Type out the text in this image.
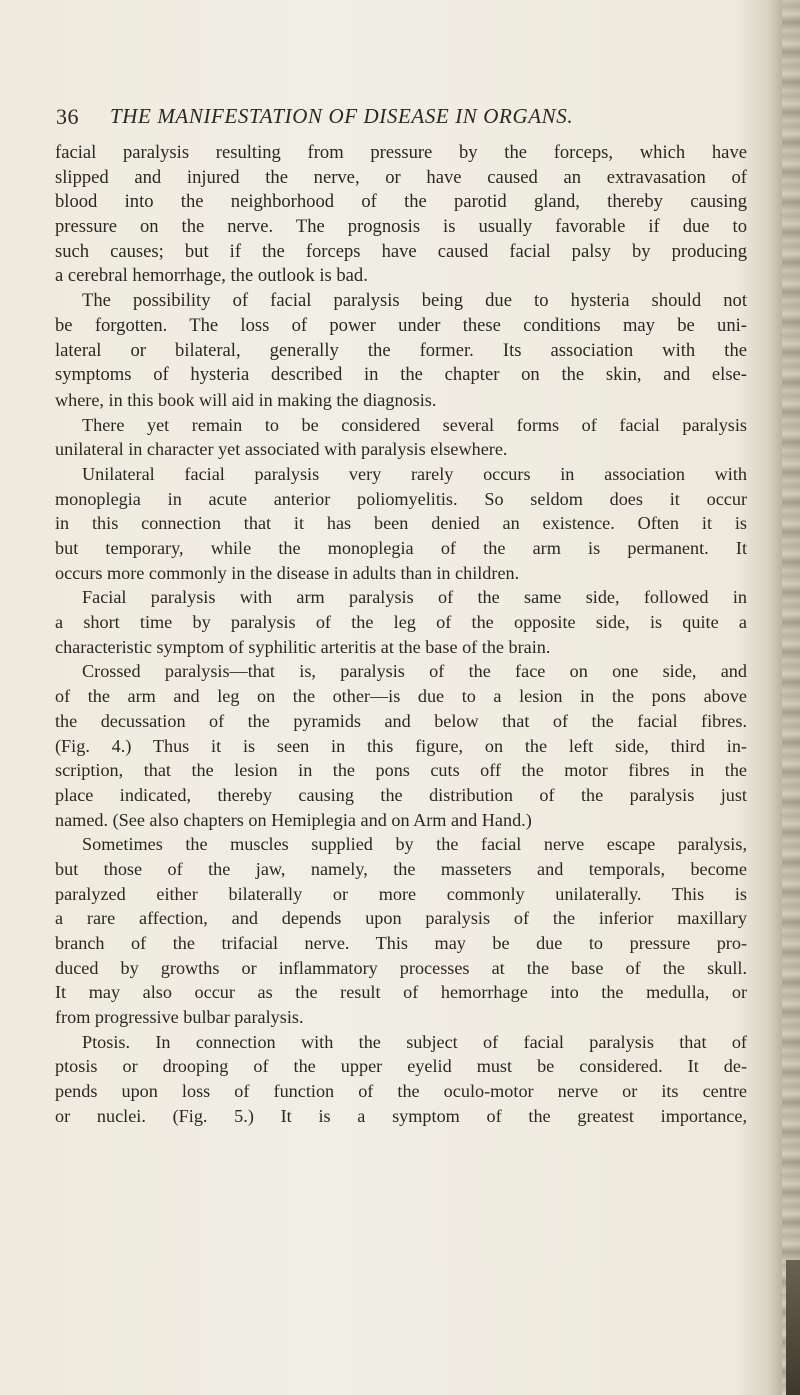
36 THE MANIFESTATION OF DISEASE IN ORGANS.
facial paralysis resulting from pressure by the forceps, which have
slipped and injured the nerve, or have caused an extravasation of
blood into the neighborhood of the parotid gland, thereby causing
pressure on the nerve. The prognosis is usually favorable if due to
such causes; but if the forceps have caused facial palsy by producing
a cerebral hemorrhage, the outlook is bad.
The possibility of facial paralysis being due to hysteria should not
be forgotten. The loss of power under these conditions may be uni-
lateral or bilateral, generally the former. Its association with the
symptoms of hysteria described in the chapter on the skin, and else-
where, in this book will aid in making the diagnosis.
There yet remain to be considered several forms of facial paralysis
unilateral in character yet associated with paralysis elsewhere.
Unilateral facial paralysis very rarely occurs in association with
monoplegia in acute anterior poliomyelitis. So seldom does it occur
in this connection that it has been denied an existence. Often it is
but temporary, while the monoplegia of the arm is permanent. It
occurs more commonly in the disease in adults than in children.
Facial paralysis with arm paralysis of the same side, followed in
a short time by paralysis of the leg of the opposite side, is quite a
characteristic symptom of syphilitic arteritis at the base of the brain.
Crossed paralysis—that is, paralysis of the face on one side, and
of the arm and leg on the other—is due to a lesion in the pons above
the decussation of the pyramids and below that of the facial fibres.
(Fig. 4.) Thus it is seen in this figure, on the left side, third in-
scription, that the lesion in the pons cuts off the motor fibres in the
place indicated, thereby causing the distribution of the paralysis just
named. (See also chapters on Hemiplegia and on Arm and Hand.)
Sometimes the muscles supplied by the facial nerve escape paralysis,
but those of the jaw, namely, the masseters and temporals, become
paralyzed either bilaterally or more commonly unilaterally. This is
a rare affection, and depends upon paralysis of the inferior maxillary
branch of the trifacial nerve. This may be due to pressure pro-
duced by growths or inflammatory processes at the base of the skull.
It may also occur as the result of hemorrhage into the medulla, or
from progressive bulbar paralysis.
Ptosis. In connection with the subject of facial paralysis that of
ptosis or drooping of the upper eyelid must be considered. It de-
pends upon loss of function of the oculo-motor nerve or its centre
or nuclei. (Fig. 5.) It is a symptom of the greatest importance,
